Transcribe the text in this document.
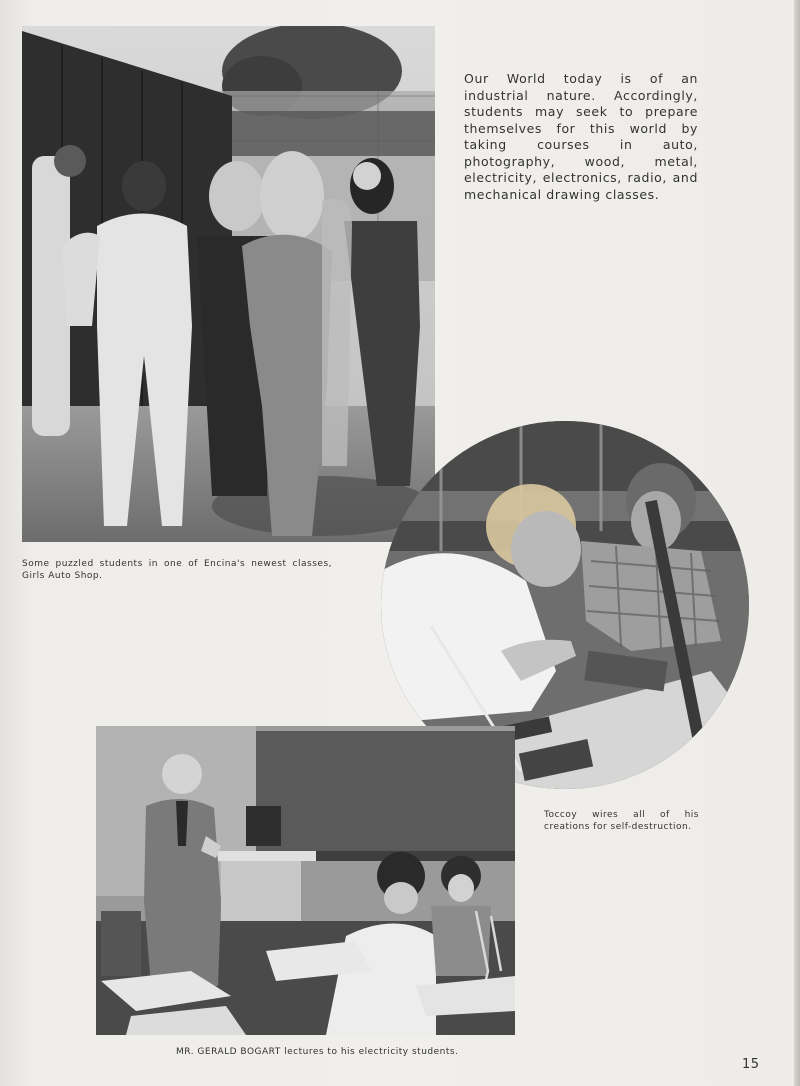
Our World today is of an industrial nature. Accordingly, students may seek to prepare themselves for this world by taking courses in auto, photography, wood, metal, electricity, electronics, radio, and mechanical drawing classes.

Some puzzled students in one of Encina's newest classes, Girls Auto Shop.

Toccoy wires all of his creations for self-destruction.

MR. GERALD BOGART lectures to his electricity students.

15
